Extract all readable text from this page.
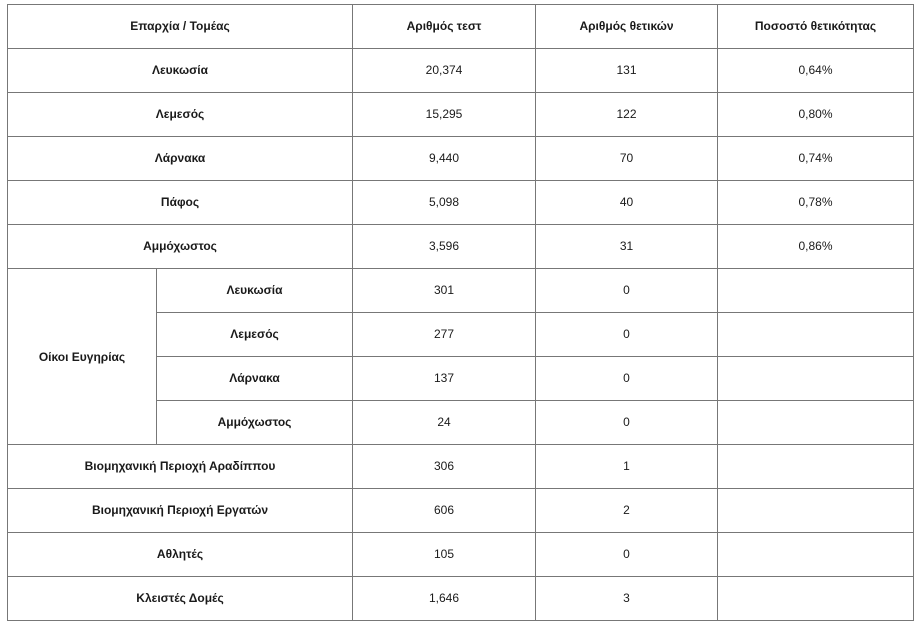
Επαρχία / Τομέας		Αριθμός τεστ	Αριθμός θετικών	Ποσοστό θετικότητας
Λευκωσία		20,374	131	0,64%
Λεμεσός		15,295	122	0,80%
Λάρνακα		9,440	70	0,74%
Πάφος		5,098	40	0,78%
Αμμόχωστος		3,596	31	0,86%
Οίκοι Ευγηρίας	Λευκωσία	301	0	
	Λεμεσός	277	0	
	Λάρνακα	137	0	
	Αμμόχωστος	24	0	
Βιομηχανική Περιοχή Αραδίππου		306	1	
Βιομηχανική Περιοχή Εργατών		606	2	
Αθλητές		105	0	
Κλειστές Δομές		1,646	3	
